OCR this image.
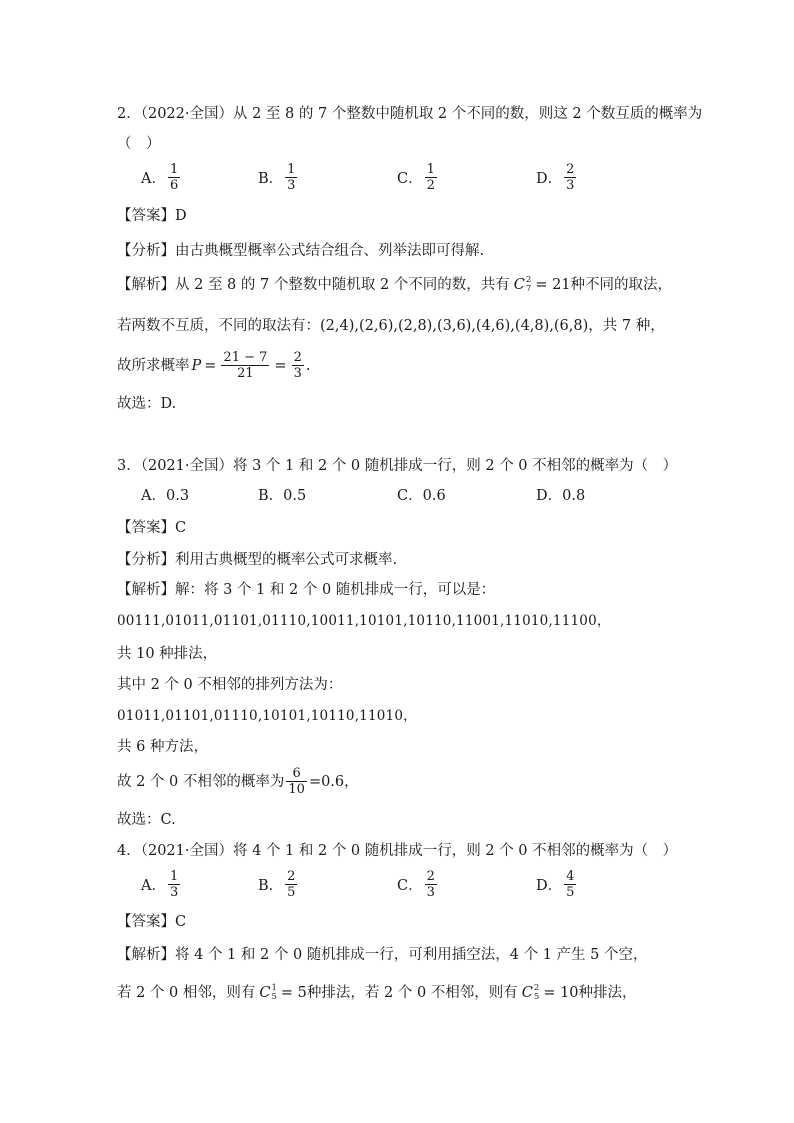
2．（2022·全国）从 2 至 8 的 7 个整数中随机取 2 个不同的数，则这 2 个数互质的概率为
（　）
A． $\frac{1}{6}$	B． $\frac{1}{3}$	C． $\frac{1}{2}$	D． $\frac{2}{3}$
【答案】D
【分析】由古典概型概率公式结合组合、列举法即可得解.
【解析】从 2 至 8 的 7 个整数中随机取 2 个不同的数，共有 C 2
7 = 21种不同的取法，
若两数不互质，不同的取法有：(2,4),(2,6),(2,8),(3,6),(4,6),(4,8),(6,8)，共 7 种，
故所求概率 $P = \frac{21 - 7}{21} = \frac{2}{3}$ .
故选：D.
3．（2021·全国）将 3 个 1 和 2 个 0 随机排成一行，则 2 个 0 不相邻的概率为（　）
A．0.3	B．0.5	C．0.6	D．0.8
【答案】C
【分析】利用古典概型的概率公式可求概率.
【解析】解：将 3 个 1 和 2 个 0 随机排成一行，可以是：
00111,01011,01101,01110,10011,10101,10110,11001,11010,11100，
共 10 种排法，
其中 2 个 0 不相邻的排列方法为：
01011,01101,01110,10101,10110,11010，
共 6 种方法，
故 2 个 0 不相邻的概率为 $\frac{6}{10} =0.6$，
故选：C.
4．（2021·全国）将 4 个 1 和 2 个 0 随机排成一行，则 2 个 0 不相邻的概率为（　）
A． $\frac{1}{3}$	B． $\frac{2}{5}$	C． $\frac{2}{3}$	D． $\frac{4}{5}$
【答案】C
【解析】将 4 个 1 和 2 个 0 随机排成一行，可利用插空法，4 个 1 产生 5 个空，
若 2 个 0 相邻，则有 C 1
5 = 5种排法，若 2 个 0 不相邻，则有 C 2
5 = 10种排法，
